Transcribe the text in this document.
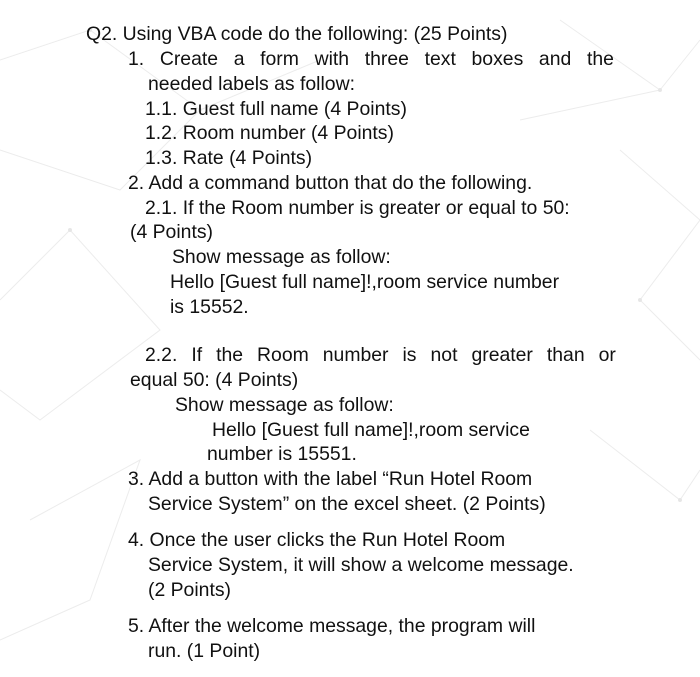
Q2. Using VBA code do the following: (25 Points)

1. Create a form with three text boxes and the

needed labels as follow:

1.1. Guest full name (4 Points)

1.2. Room number (4 Points)

1.3. Rate (4 Points)

2. Add a command button that do the following.

2.1. If the Room number is greater or equal to 50:

(4 Points)

Show message as follow:

Hello [Guest full name]!,room service number

is 15552.

2.2. If the Room number is not greater than or

equal 50: (4 Points)

Show message as follow:

Hello [Guest full name]!,room service

number is 15551.

3. Add a button with the label “Run Hotel Room

Service System” on the excel sheet. (2 Points)

4. Once the user clicks the Run Hotel Room

Service System, it will show a welcome message.

(2 Points)

5. After the welcome message, the program will

run. (1 Point)
